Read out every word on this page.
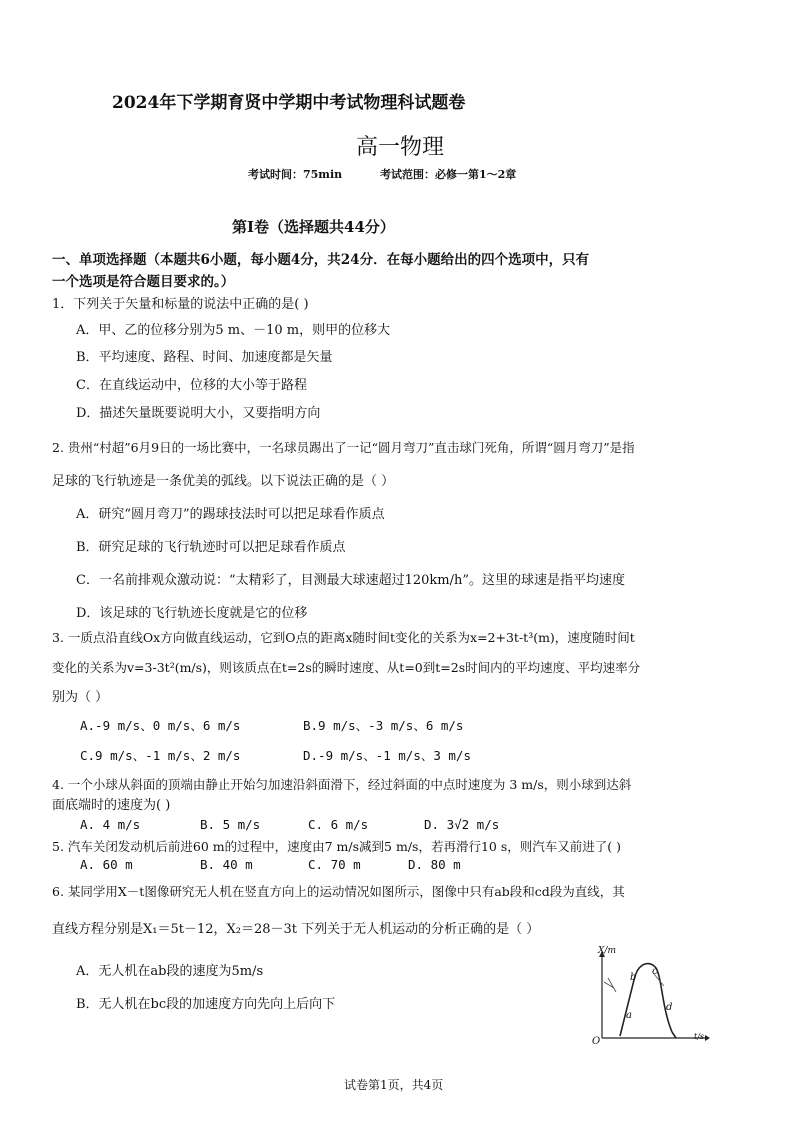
2024年下学期育贤中学期中考试物理科试题卷
高一物理
考试时间：75min	考试范围：必修一第1～2章
第Ⅰ卷（选择题共44分）
一、单项选择题（本题共6小题，每小题4分，共24分．在每小题给出的四个选项中，只有
一个选项是符合题目要求的。）
1．下列关于矢量和标量的说法中正确的是( )
A．甲、乙的位移分别为5 m、－10 m，则甲的位移大
B．平均速度、路程、时间、加速度都是矢量
C．在直线运动中，位移的大小等于路程
D．描述矢量既要说明大小，又要指明方向
2. 贵州“村超”6月9日的一场比赛中，一名球员踢出了一记“圆月弯刀”直击球门死角，所谓“圆月弯刀”是指
足球的飞行轨迹是一条优美的弧线。以下说法正确的是（ ）
A．研究“圆月弯刀”的踢球技法时可以把足球看作质点
B．研究足球的飞行轨迹时可以把足球看作质点
C．一名前排观众激动说：“太精彩了，目测最大球速超过120km/h”。这里的球速是指平均速度
D．该足球的飞行轨迹长度就是它的位移
3. 一质点沿直线Ox方向做直线运动，它到O点的距离x随时间t变化的关系为x=2+3t-t³(m)，速度随时间t
变化的关系为v=3-3t²(m/s)，则该质点在t=2s的瞬时速度、从t=0到t=2s时间内的平均速度、平均速率分
别为（ ）
A.-9 m/s、0 m/s、6 m/s	B.9 m/s、-3 m/s、6 m/s
C.9 m/s、-1 m/s、2 m/s	D.-9 m/s、-1 m/s、3 m/s
4. 一个小球从斜面的顶端由静止开始匀加速沿斜面滑下，经过斜面的中点时速度为 3 m/s，则小球到达斜
面底端时的速度为( )
A. 4 m/s	B. 5 m/s	C. 6 m/s	D. 3√2 m/s
5. 汽车关闭发动机后前进60 m的过程中，速度由7 m/s减到5 m/s，若再滑行10 s，则汽车又前进了( )
A. 60 m	B. 40 m	C. 70 m	D. 80 m
6. 某同学用X－t图像研究无人机在竖直方向上的运动情况如图所示，图像中只有ab段和cd段为直线，其
直线方程分别是X₁＝5t－12，X₂＝28－3t 下列关于无人机运动的分析正确的是（ ）
A．无人机在ab段的速度为5m/s
B．无人机在bc段的加速度方向先向上后向下
X/m
t/s
O
a
b
c
d
试卷第1页，共4页
